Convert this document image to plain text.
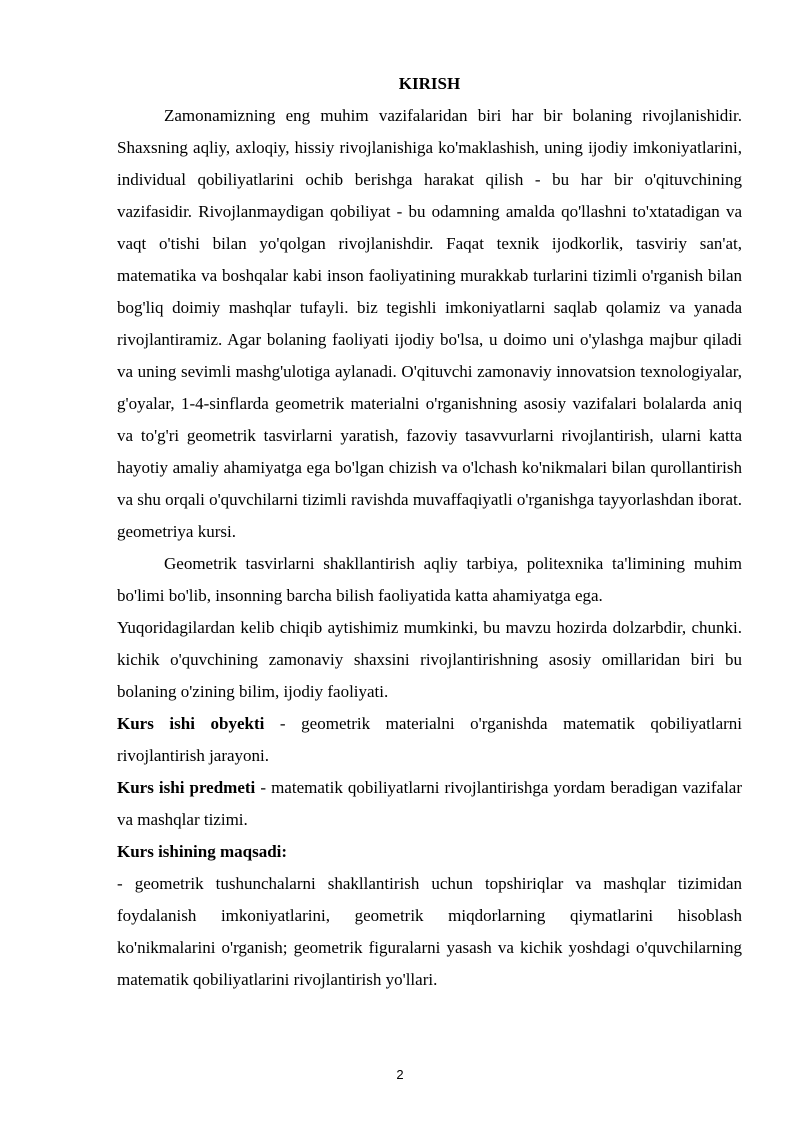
KIRISH

Zamonamizning eng muhim vazifalaridan biri har bir bolaning rivojlanishidir. Shaxsning aqliy, axloqiy, hissiy rivojlanishiga ko'maklashish, uning ijodiy imkoniyatlarini, individual qobiliyatlarini ochib berishga harakat qilish - bu har bir o'qituvchining vazifasidir. Rivojlanmaydigan qobiliyat - bu odamning amalda qo'llashni to'xtatadigan va vaqt o'tishi bilan yo'qolgan rivojlanishdir. Faqat texnik ijodkorlik, tasviriy san'at, matematika va boshqalar kabi inson faoliyatining murakkab turlarini tizimli o'rganish bilan bog'liq doimiy mashqlar tufayli. biz tegishli imkoniyatlarni saqlab qolamiz va yanada rivojlantiramiz. Agar bolaning faoliyati ijodiy bo'lsa, u doimo uni o'ylashga majbur qiladi va uning sevimli mashg'ulotiga aylanadi. O'qituvchi zamonaviy innovatsion texnologiyalar, g'oyalar, 1-4-sinflarda geometrik materialni o'rganishning asosiy vazifalari bolalarda aniq va to'g'ri geometrik tasvirlarni yaratish, fazoviy tasavvurlarni rivojlantirish, ularni katta hayotiy amaliy ahamiyatga ega bo'lgan chizish va o'lchash ko'nikmalari bilan qurollantirish va shu orqali o'quvchilarni tizimli ravishda muvaffaqiyatli o'rganishga tayyorlashdan iborat. geometriya kursi.

Geometrik tasvirlarni shakllantirish aqliy tarbiya, politexnika ta'limining muhim bo'limi bo'lib, insonning barcha bilish faoliyatida katta ahamiyatga ega.

Yuqoridagilardan kelib chiqib aytishimiz mumkinki, bu mavzu hozirda dolzarbdir, chunki. kichik o'quvchining zamonaviy shaxsini rivojlantirishning asosiy omillaridan biri bu bolaning o'zining bilim, ijodiy faoliyati.

Kurs ishi obyekti - geometrik materialni o'rganishda matematik qobiliyatlarni rivojlantirish jarayoni.

Kurs ishi predmeti - matematik qobiliyatlarni rivojlantirishga yordam beradigan vazifalar va mashqlar tizimi.

Kurs ishining maqsadi:

- geometrik tushunchalarni shakllantirish uchun topshiriqlar va mashqlar tizimidan foydalanish imkoniyatlarini, geometrik miqdorlarning qiymatlarini hisoblash ko'nikmalarini o'rganish; geometrik figuralarni yasash va kichik yoshdagi o'quvchilarning matematik qobiliyatlarini rivojlantirish yo'llari.

2
